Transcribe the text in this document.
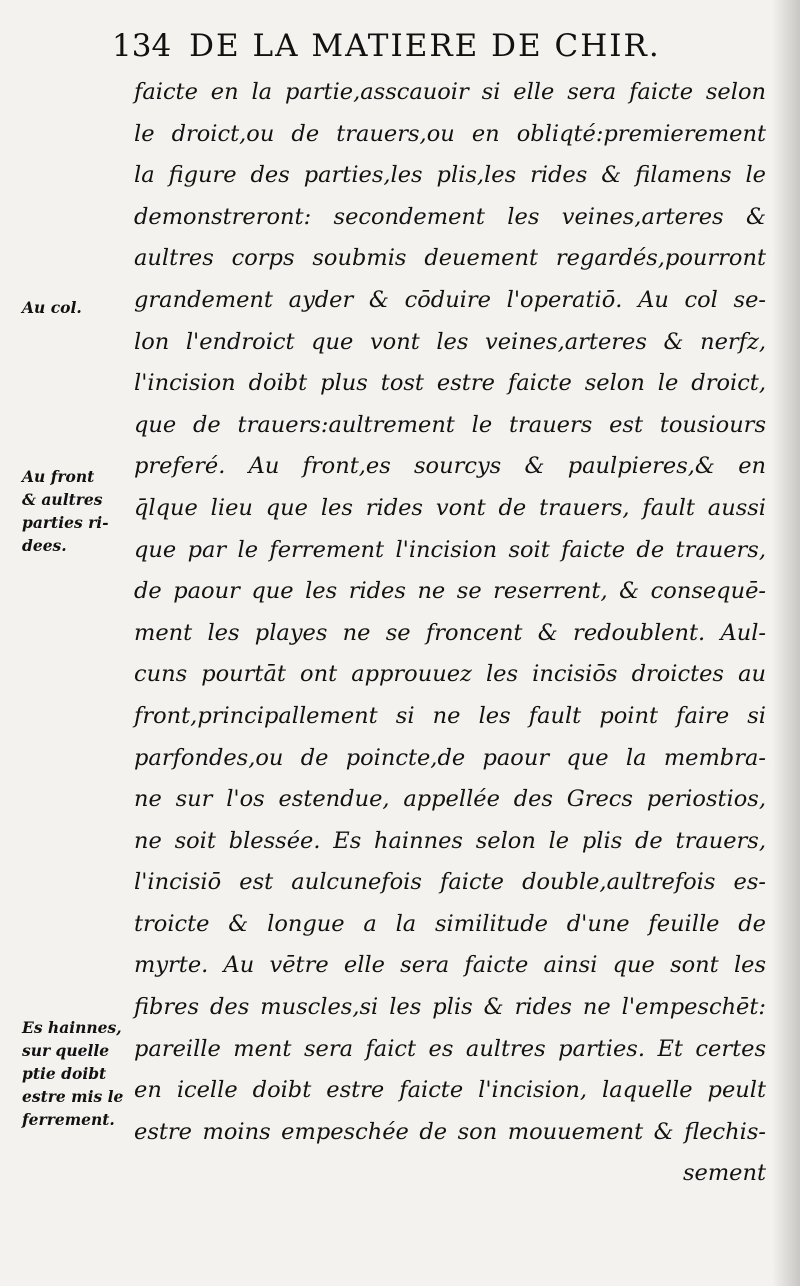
134 DE LA MATIERE DE CHIR.
Au col.
Au front
& aultres
parties ri-
dees.
Es hainnes,
sur quelle
ptie doibt
estre mis le
ferrement.
faicte en la partie,asscauoir si elle sera faicte selon
le droict,ou de trauers,ou en obliqté:premierement
la figure des parties,les plis,les rides & filamens le
demonstreront: secondement les veines,arteres &
aultres corps soubmis deuement regardés,pourront
grandement ayder & cōduire l'operatiō. Au col se-
lon l'endroict que vont les veines,arteres & nerfz,
l'incision doibt plus tost estre faicte selon le droict,
que de trauers:aultrement le trauers est tousiours
preferé. Au front,es sourcys & paulpieres,& en
q̄lque lieu que les rides vont de trauers, fault aussi
que par le ferrement l'incision soit faicte de trauers,
de paour que les rides ne se reserrent, & consequē-
ment les playes ne se froncent & redoublent. Aul-
cuns pourtāt ont approuuez les incisiōs droictes au
front,principallement si ne les fault point faire si
parfondes,ou de poincte,de paour que la membra-
ne sur l'os estendue, appellée des Grecs periostios,
ne soit blessée. Es hainnes selon le plis de trauers,
l'incisiō est aulcunefois faicte double,aultrefois es-
troicte & longue a la similitude d'une feuille de
myrte. Au vētre elle sera faicte ainsi que sont les
fibres des muscles,si les plis & rides ne l'empeschēt:
pareille ment sera faict es aultres parties. Et certes
en icelle doibt estre faicte l'incision, laquelle peult
estre moins empeschée de son mouuement & flechis-
sement
